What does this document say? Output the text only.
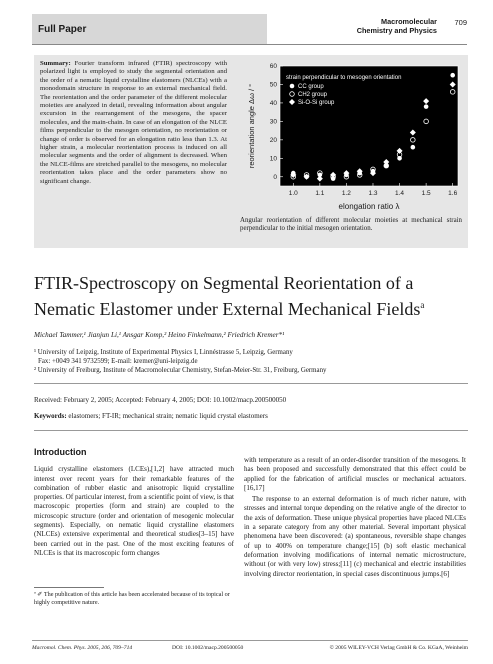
Full Paper
Macromolecular
Chemistry and Physics
709
Summary: Fourier transform infrared (FTIR) spectroscopy with polarized light is employed to study the segmental orientation and the order of a nematic liquid crystalline elastomers (NLCEs) with a monodomain structure in response to an external mechanical field. The reorientation and the order parameter of the different molecular moieties are analyzed in detail, revealing information about angular excursion in the rearrangement of the mesogens, the spacer molecules, and the main-chain. In case of an elongation of the NLCE films perpendicular to the mesogen orientation, no reorientation or change of order is observed for an elongation ratio less than 1.3. At higher strain, a molecular reorientation process is induced on all molecular segments and the order of alignment is decreased. When the NLCE-films are stretched parallel to the mesogens, no molecular reorientation takes place and the order parameters show no significant change.
1.0	1.1	1.2	1.3	1.4	1.5	1.6
0
10
20
30
40
50
60
elongation ratio λ
reorientation angle Δω / °
strain perpendicular to mesogen orientation
CC group
CH2 group
Si-O-Si group
Angular reorientation of different molecular moieties at mechanical strain perpendicular to the initial mesogen orientation.
FTIR-Spectroscopy on Segmental Reorientation of a Nematic Elastomer under External Mechanical Fields$^a$
Michael Tammer,¹ Jianjun Li,¹ Ansgar Komp,² Heino Finkelmann,² Friedrich Kremer*¹

¹ University of Leipzig, Institute of Experimental Physics I, Linnéstrasse 5, Leipzig, Germany

Fax: +0049 341 9732599; E-mail: kremer@uni-leipzig.de

² University of Freiburg, Institute of Macromolecular Chemistry, Stefan-Meier-Str. 31, Freiburg, Germany

Received: February 2, 2005; Accepted: February 4, 2005; DOI: 10.1002/macp.200500050
Keywords: elastomers; FT-IR; mechanical strain; nematic liquid crystal elastomers
Introduction

Liquid crystalline elastomers (LCEs),[1,2] have attracted much interest over recent years for their remarkable features of the combination of rubber elastic and anisotropic liquid crystalline properties. Of particular interest, from a scientific point of view, is that macroscopic properties (form and strain) are coupled to the microscopic structure (order and orientation of mesogenic molecular segments). Especially, on nematic liquid crystalline elastomers (NLCEs) extensive experimental and theoretical studies[3–15] have been carried out in the past. One of the most exciting features of NLCEs is that its macroscopic form changes

with temperature as a result of an order-disorder transition of the mesogens. It has been proposed and successfully demonstrated that this effect could be applied for the fabrication of artificial muscles or mechanical actuators.[16,17]

The response to an external deformation is of much richer nature, with stresses and internal torque depending on the relative angle of the director to the axis of deformation. These unique physical properties have placed NLCEs in a separate category from any other material. Several important physical phenomena have been discovered: (a) spontaneous, reversible shape changes of up to 400% on temperature change;[15] (b) soft elastic mechanical deformation involving modifications of internal nematic microstructure, without (or with very low) stress;[11] (c) mechanical and electric instabilities involving director reorientation, in special cases discontinuous jumps.[6]

ª ✐ The publication of this article has been accelerated because of its topical or highly competitive nature.
Macromol. Chem. Phys. 2005, 206, 709–714	DOI: 10.1002/macp.200500050	© 2005 WILEY-VCH Verlag GmbH & Co. KGaA, Weinheim
